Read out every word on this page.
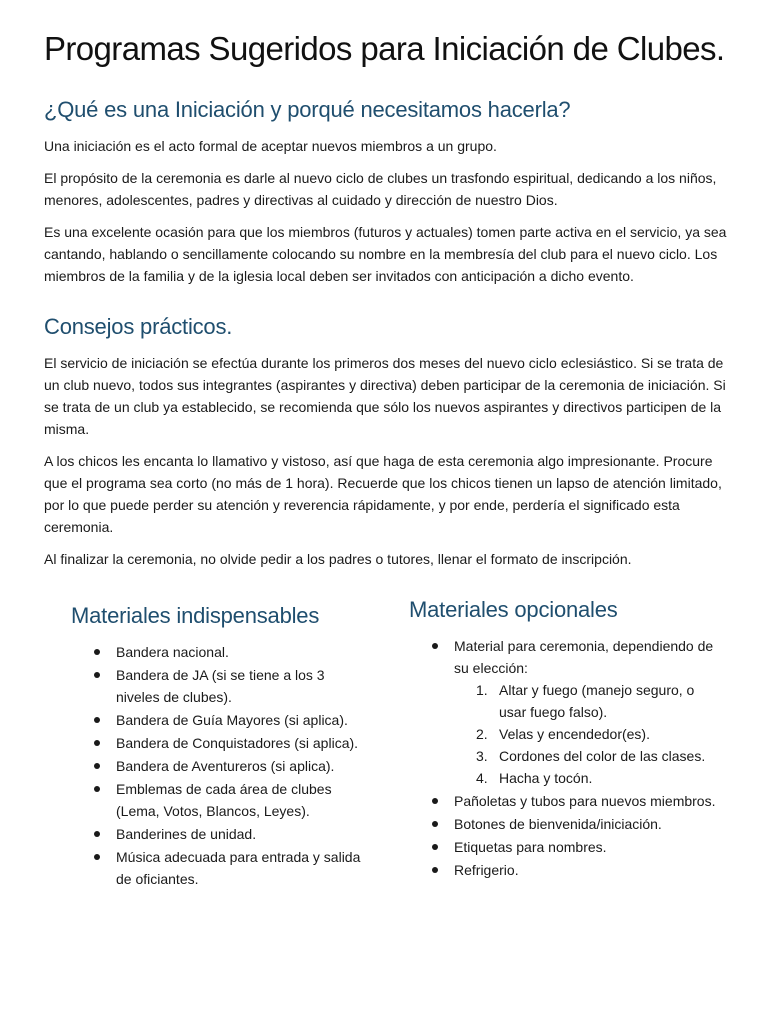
Programas Sugeridos para Iniciación de Clubes.
¿Qué es una Iniciación y porqué necesitamos hacerla?

Una iniciación es el acto formal de aceptar nuevos miembros a un grupo.

El propósito de la ceremonia es darle al nuevo ciclo de clubes un trasfondo espiritual, dedicando a los niños, menores, adolescentes, padres y directivas al cuidado y dirección de nuestro Dios.

Es una excelente ocasión para que los miembros (futuros y actuales) tomen parte activa en el servicio, ya sea cantando, hablando o sencillamente colocando su nombre en la membresía del club para el nuevo ciclo. Los miembros de la familia y de la iglesia local deben ser invitados con anticipación a dicho evento.

Consejos prácticos.

El servicio de iniciación se efectúa durante los primeros dos meses del nuevo ciclo eclesiástico. Si se trata de un club nuevo, todos sus integrantes (aspirantes y directiva) deben participar de la ceremonia de iniciación. Si se trata de un club ya establecido, se recomienda que sólo los nuevos aspirantes y directivos participen de la misma.

A los chicos les encanta lo llamativo y vistoso, así que haga de esta ceremonia algo impresionante. Procure que el programa sea corto (no más de 1 hora). Recuerde que los chicos tienen un lapso de atención limitado, por lo que puede perder su atención y reverencia rápidamente, y por ende, perdería el significado esta ceremonia.

Al finalizar la ceremonia, no olvide pedir a los padres o tutores, llenar el formato de inscripción.

Materiales indispensables
Bandera nacional.
Bandera de JA (si se tiene a los 3 niveles de clubes).
Bandera de Guía Mayores (si aplica).
Bandera de Conquistadores (si aplica).
Bandera de Aventureros (si aplica).
Emblemas de cada área de clubes (Lema, Votos, Blancos, Leyes).
Banderines de unidad.
Música adecuada para entrada y salida de oficiantes.
Materiales opcionales
Material para ceremonia, dependiendo de su elección:
1. Altar y fuego (manejo seguro, o usar fuego falso).
2. Velas y encendedor(es).
3. Cordones del color de las clases.
4. Hacha y tocón.
Pañoletas y tubos para nuevos miembros.
Botones de bienvenida/iniciación.
Etiquetas para nombres.
Refrigerio.
